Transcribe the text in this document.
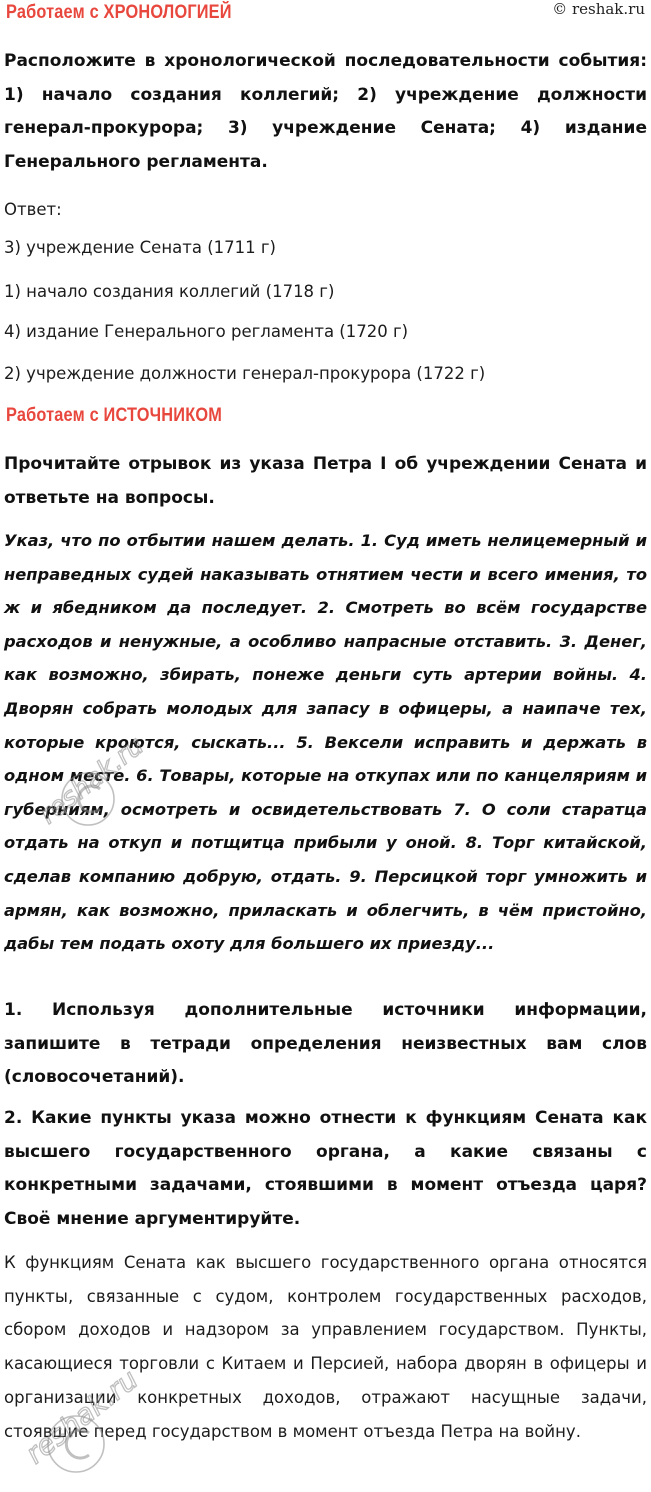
Работаем с ХРОНОЛОГИЕЙ	© reshak.ru
Расположите в хронологической последовательности события: 1) начало создания коллегий; 2) учреждение должности генерал-прокурора; 3) учреждение Сената; 4) издание Генерального регламента.
Ответ:
3) учреждение Сената (1711 г)
1) начало создания коллегий (1718 г)
4) издание Генерального регламента (1720 г)
2) учреждение должности генерал-прокурора (1722 г)
Работаем с ИСТОЧНИКОМ
Прочитайте отрывок из указа Петра I об учреждении Сената и ответьте на вопросы.
Указ, что по отбытии нашем делать. 1. Суд иметь нелицемерный и неправедных судей наказывать отнятием чести и всего имения, то ж и ябедником да последует. 2. Смотреть во всём государстве расходов и ненужные, а особливо напрасные отставить. 3. Денег, как возможно, збирать, понеже деньги суть артерии войны. 4. Дворян собрать молодых для запасу в офицеры, а наипаче тех, которые кроются, сыскать... 5. Вексели исправить и держать в одном месте. 6. Товары, которые на откупах или по канцеляриям и губерниям, осмотреть и освидетельствовать 7. О соли старатца отдать на откуп и потщитца прибыли у оной. 8. Торг китайской, сделав компанию добрую, отдать. 9. Персицкой торг умножить и армян, как возможно, приласкать и облегчить, в чём пристойно, дабы тем подать охоту для большего их приезду...
1. Используя дополнительные источники информации, запишите в тетради определения неизвестных вам слов (словосочетаний).
2. Какие пункты указа можно отнести к функциям Сената как высшего государственного органа, а какие связаны с конкретными задачами, стоявшими в момент отъезда царя? Своё мнение аргументируйте.
К функциям Сената как высшего государственного органа относятся пункты, связанные с судом, контролем государственных расходов, сбором доходов и надзором за управлением государством. Пункты, касающиеся торговли с Китаем и Персией, набора дворян в офицеры и организации конкретных доходов, отражают насущные задачи, стоявшие перед государством в момент отъезда Петра на войну.
reshak.ru
reshak.ru
